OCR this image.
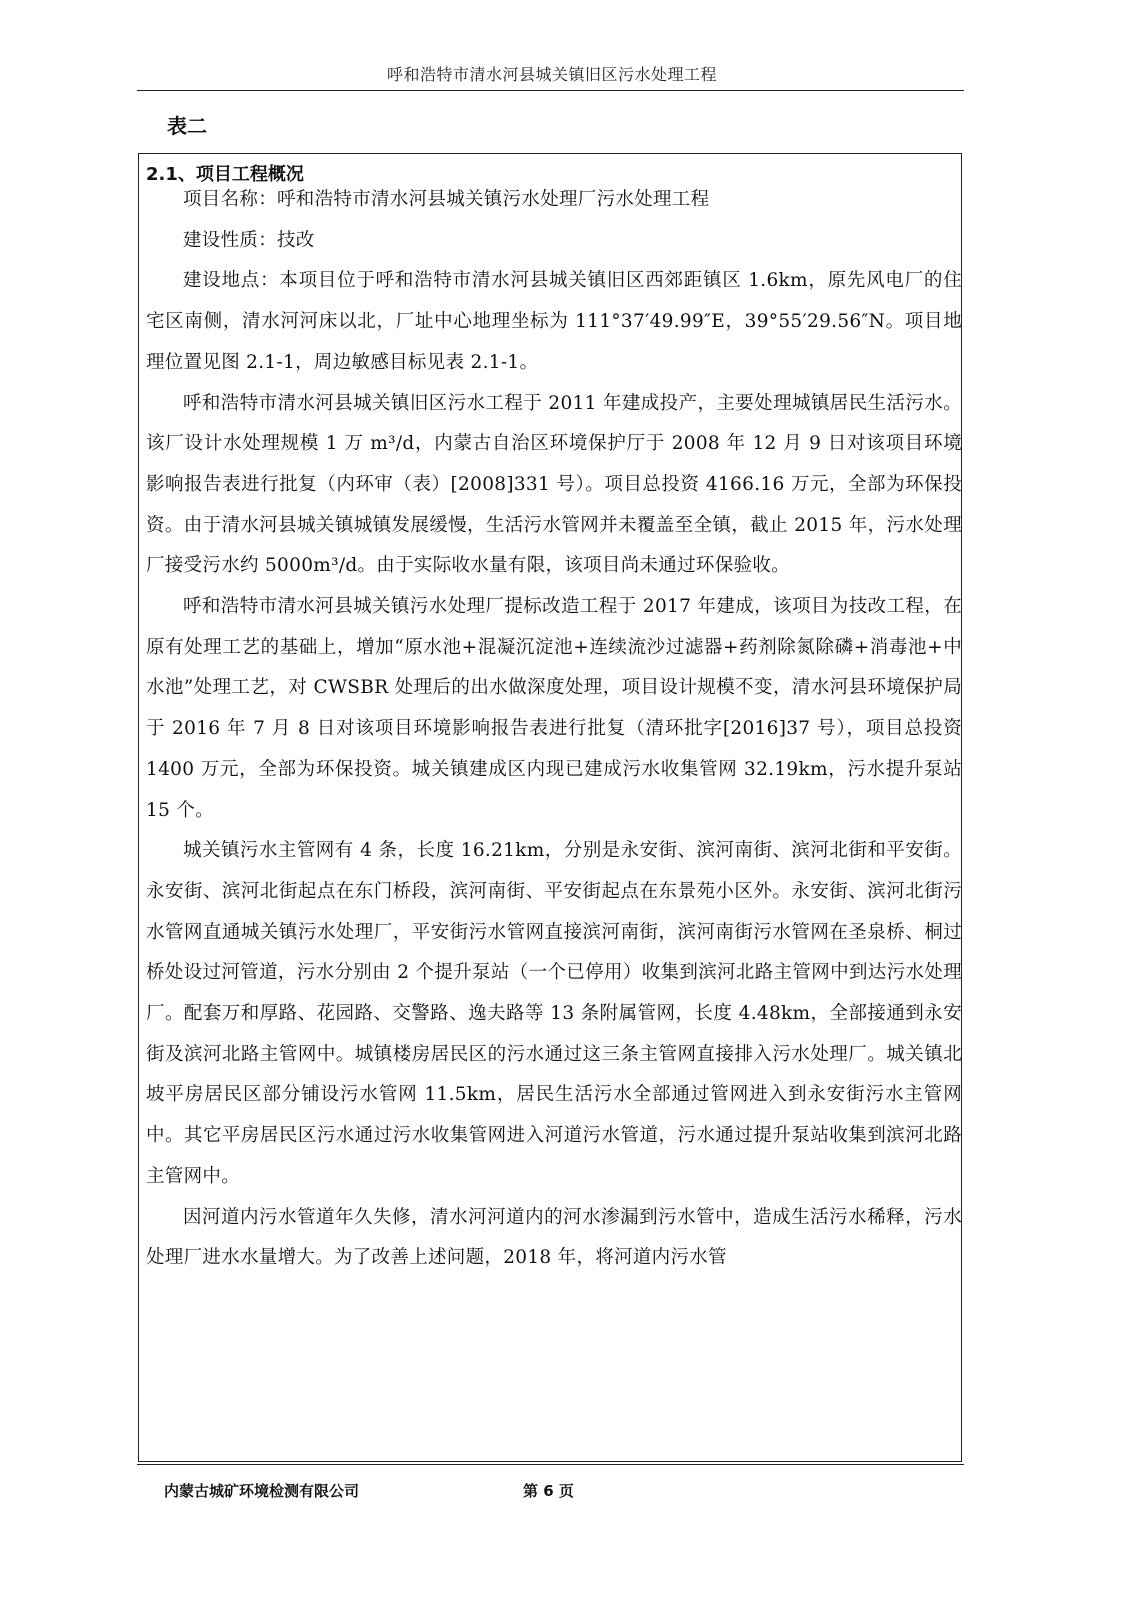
呼和浩特市清水河县城关镇旧区污水处理工程
表二
2.1、项目工程概况

项目名称：呼和浩特市清水河县城关镇污水处理厂污水处理工程

建设性质：技改

建设地点：本项目位于呼和浩特市清水河县城关镇旧区西郊距镇区 1.6km，原先风电厂的住宅区南侧，清水河河床以北，厂址中心地理坐标为 111°37′49.99″E，39°55′29.56″N。项目地理位置见图 2.1-1，周边敏感目标见表 2.1-1。

呼和浩特市清水河县城关镇旧区污水工程于 2011 年建成投产，主要处理城镇居民生活污水。该厂设计水处理规模 1 万 m³/d，内蒙古自治区环境保护厅于 2008 年 12 月 9 日对该项目环境影响报告表进行批复（内环审（表）[2008]331 号）。项目总投资 4166.16 万元，全部为环保投资。由于清水河县城关镇城镇发展缓慢，生活污水管网并未覆盖至全镇，截止 2015 年，污水处理厂接受污水约 5000m³/d。由于实际收水量有限，该项目尚未通过环保验收。

呼和浩特市清水河县城关镇污水处理厂提标改造工程于 2017 年建成，该项目为技改工程，在原有处理工艺的基础上，增加“原水池+混凝沉淀池+连续流沙过滤器+药剂除氮除磷+消毒池+中水池”处理工艺，对 CWSBR 处理后的出水做深度处理，项目设计规模不变，清水河县环境保护局于 2016 年 7 月 8 日对该项目环境影响报告表进行批复（清环批字[2016]37 号），项目总投资 1400 万元，全部为环保投资。城关镇建成区内现已建成污水收集管网 32.19km，污水提升泵站 15 个。

城关镇污水主管网有 4 条，长度 16.21km，分别是永安街、滨河南街、滨河北街和平安街。永安街、滨河北街起点在东门桥段，滨河南街、平安街起点在东景苑小区外。永安街、滨河北街污水管网直通城关镇污水处理厂，平安街污水管网直接滨河南街，滨河南街污水管网在圣泉桥、桐过桥处设过河管道，污水分别由 2 个提升泵站（一个已停用）收集到滨河北路主管网中到达污水处理厂。配套万和厚路、花园路、交警路、逸夫路等 13 条附属管网，长度 4.48km，全部接通到永安街及滨河北路主管网中。城镇楼房居民区的污水通过这三条主管网直接排入污水处理厂。城关镇北坡平房居民区部分铺设污水管网 11.5km，居民生活污水全部通过管网进入到永安街污水主管网中。其它平房居民区污水通过污水收集管网进入河道污水管道，污水通过提升泵站收集到滨河北路主管网中。

因河道内污水管道年久失修，清水河河道内的河水渗漏到污水管中，造成生活污水稀释，污水处理厂进水水量增大。为了改善上述问题，2018 年，将河道内污水管

内蒙古城矿环境检测有限公司	第 6 页
